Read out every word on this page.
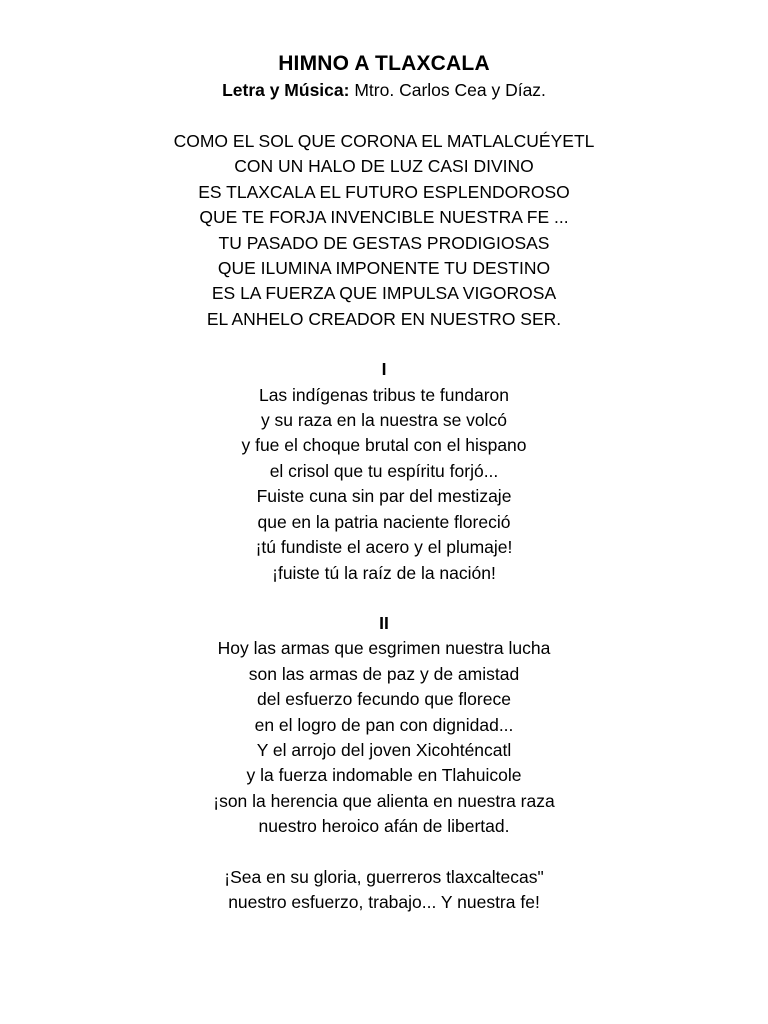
HIMNO A TLAXCALA

Letra y Música: Mtro. Carlos Cea y Díaz.

COMO EL SOL QUE CORONA EL MATLALCUÉYETL
CON UN HALO DE LUZ CASI DIVINO
ES TLAXCALA EL FUTURO ESPLENDOROSO
QUE TE FORJA INVENCIBLE NUESTRA FE ...
TU PASADO DE GESTAS PRODIGIOSAS
QUE ILUMINA IMPONENTE TU DESTINO
ES LA FUERZA QUE IMPULSA VIGOROSA
EL ANHELO CREADOR EN NUESTRO SER.
I
Las indígenas tribus te fundaron
y su raza en la nuestra se volcó
y fue el choque brutal con el hispano
el crisol que tu espíritu forjó...
Fuiste cuna sin par del mestizaje
que en la patria naciente floreció
¡tú fundiste el acero y el plumaje!
¡fuiste tú la raíz de la nación!
II
Hoy las armas que esgrimen nuestra lucha
son las armas de paz y de amistad
del esfuerzo fecundo que florece
en el logro de pan con dignidad...
Y el arrojo del joven Xicohténcatl
y la fuerza indomable en Tlahuicole
¡son la herencia que alienta en nuestra raza
nuestro heroico afán de libertad.
¡Sea en su gloria, guerreros tlaxcaltecas"
nuestro esfuerzo, trabajo... Y nuestra fe!
